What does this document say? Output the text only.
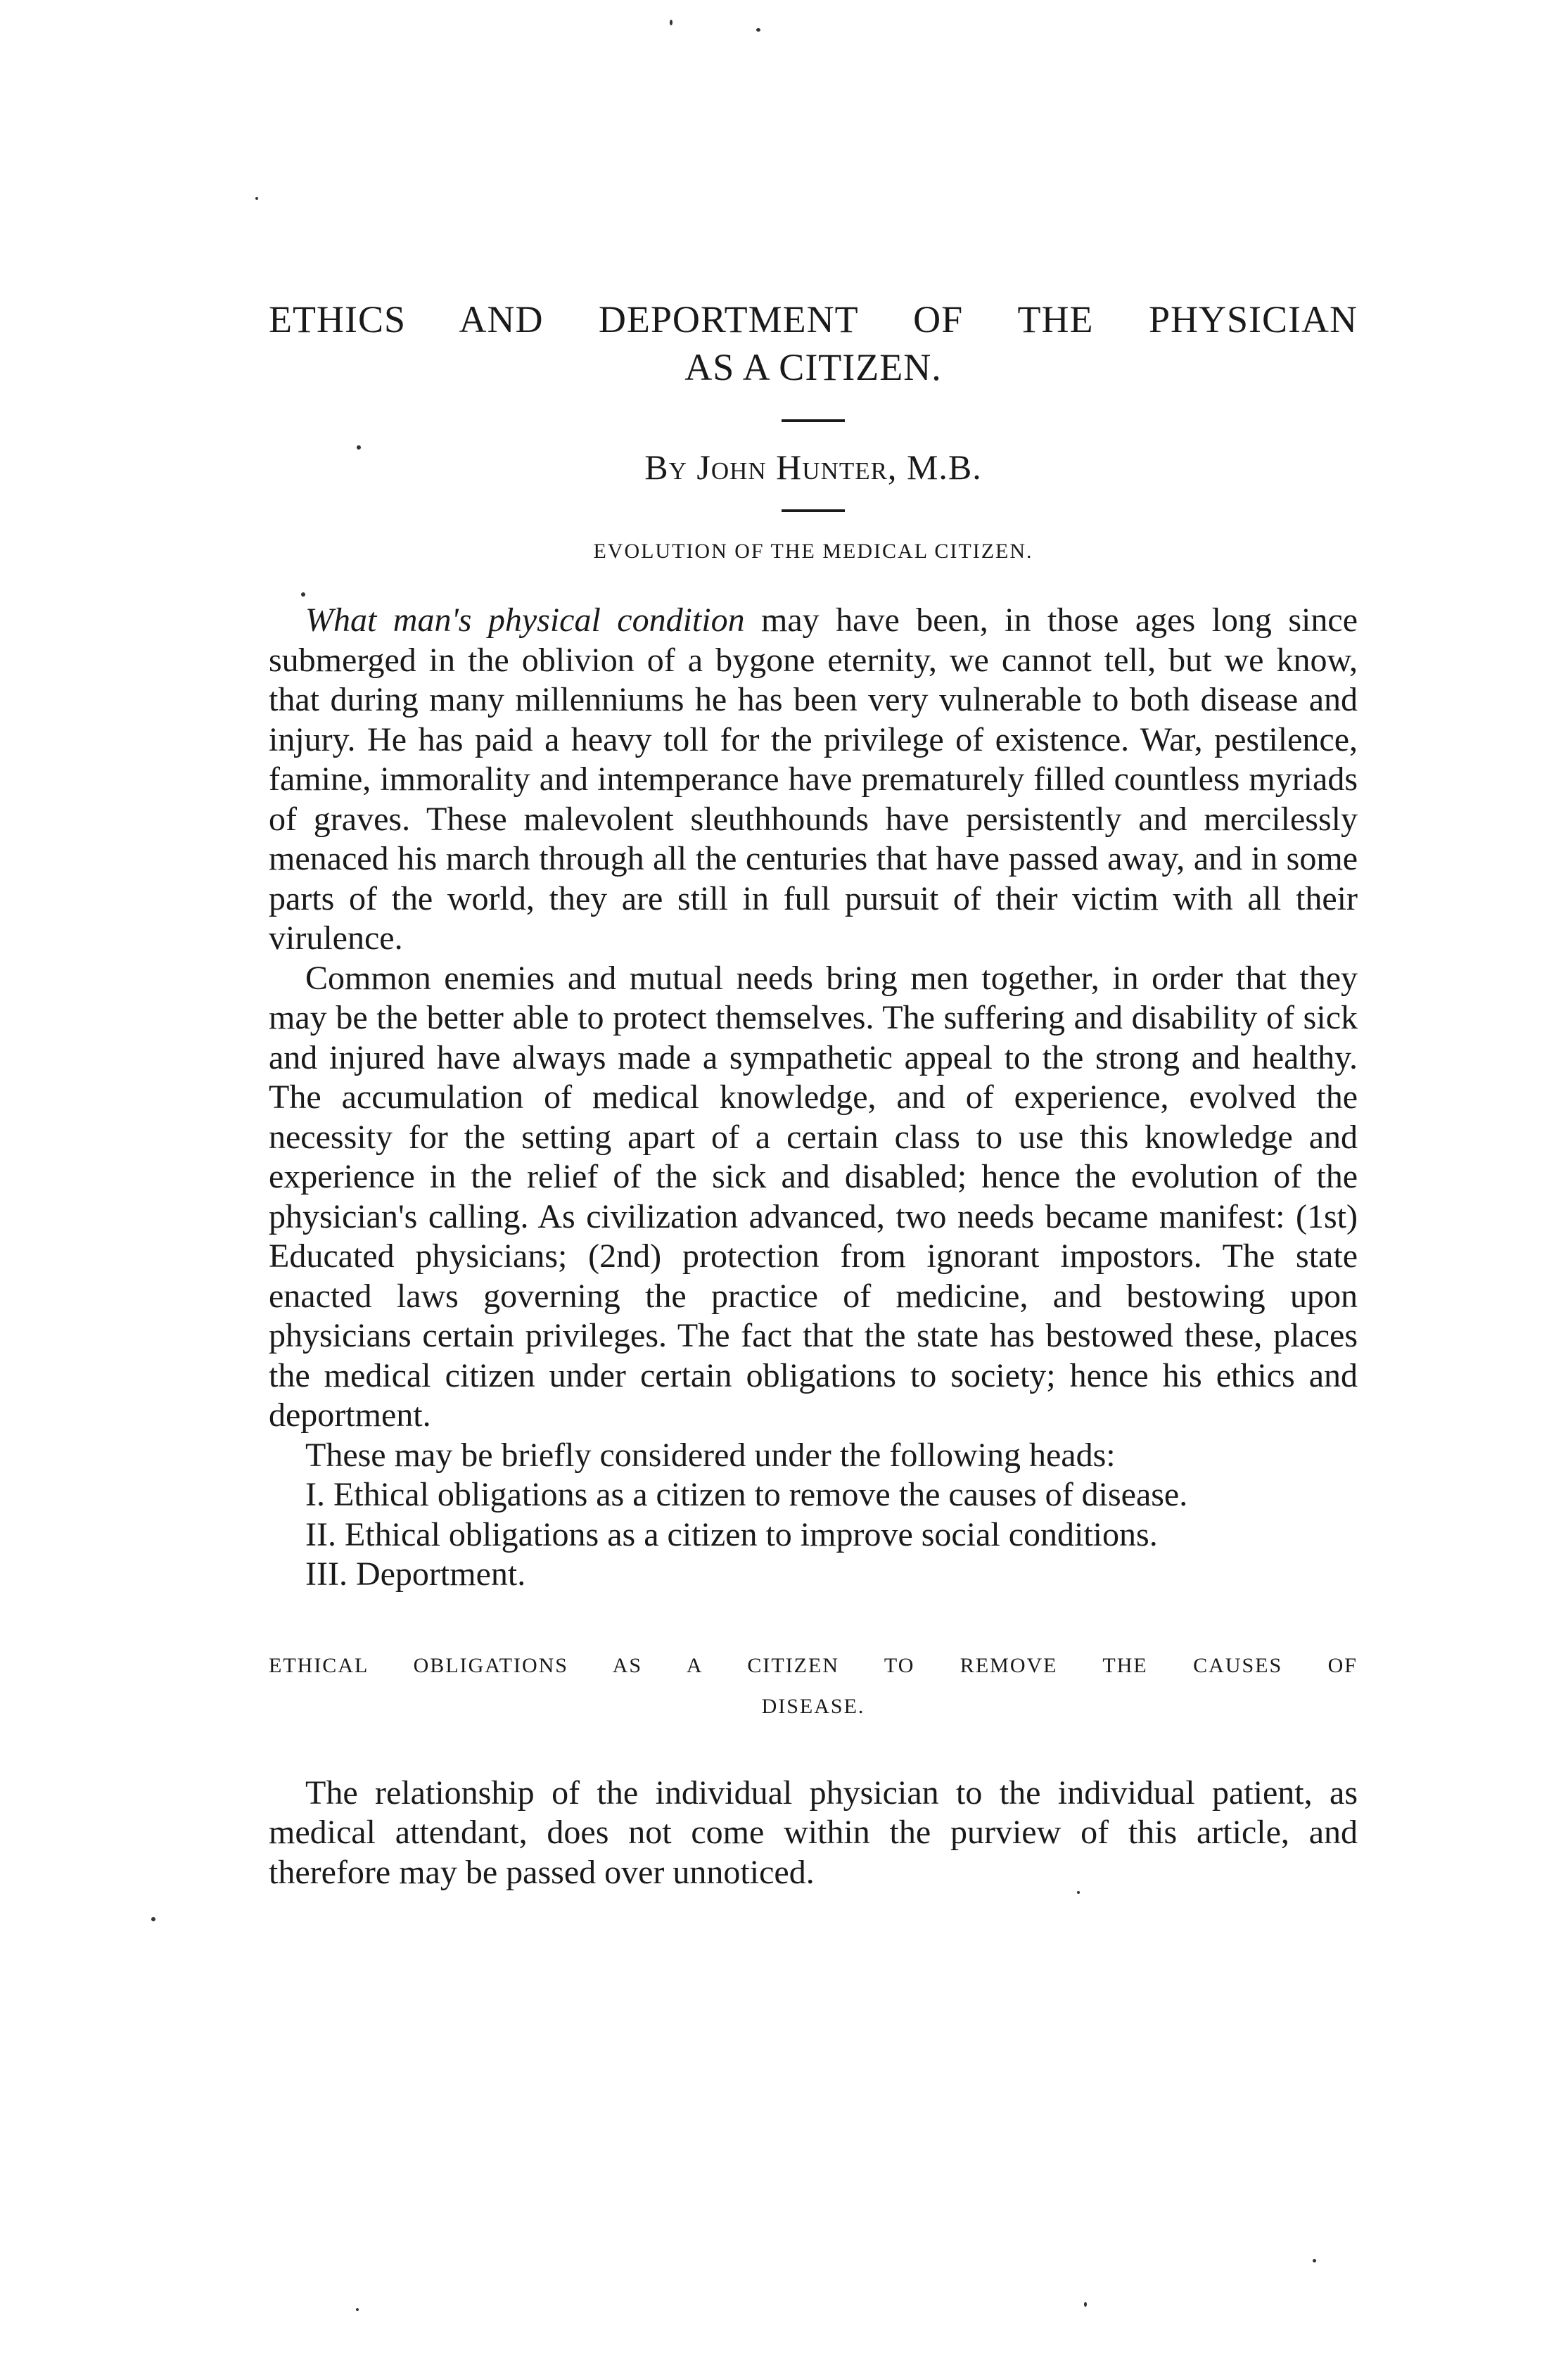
ETHICS AND DEPORTMENT OF THE PHYSICIAN
AS A CITIZEN.
By John Hunter, M.B.
EVOLUTION OF THE MEDICAL CITIZEN.

What man's physical condition may have been, in those ages long since submerged in the oblivion of a bygone eternity, we cannot tell, but we know, that during many millenniums he has been very vulnerable to both disease and injury. He has paid a heavy toll for the privilege of existence. War, pestilence, famine, immorality and intemperance have prematurely filled countless myriads of graves. These malevolent sleuthhounds have persistently and mercilessly menaced his march through all the centuries that have passed away, and in some parts of the world, they are still in full pursuit of their victim with all their virulence.

Common enemies and mutual needs bring men together, in order that they may be the better able to protect themselves. The suffering and disability of sick and injured have always made a sympathetic appeal to the strong and healthy. The accumulation of medical knowledge, and of experience, evolved the necessity for the setting apart of a certain class to use this knowledge and experience in the relief of the sick and disabled; hence the evolution of the physician's calling. As civilization advanced, two needs became manifest: (1st) Educated physicians; (2nd) protection from ignorant impostors. The state enacted laws governing the practice of medicine, and bestowing upon physicians certain privileges. The fact that the state has bestowed these, places the medical citizen under certain obligations to society; hence his ethics and deportment.

These may be briefly considered under the following heads:

I. Ethical obligations as a citizen to remove the causes of disease.

II. Ethical obligations as a citizen to improve social conditions.

III. Deportment.

ETHICAL OBLIGATIONS AS A CITIZEN TO REMOVE THE CAUSES OF
DISEASE.

The relationship of the individual physician to the individual patient, as medical attendant, does not come within the purview of this article, and therefore may be passed over unnoticed.
